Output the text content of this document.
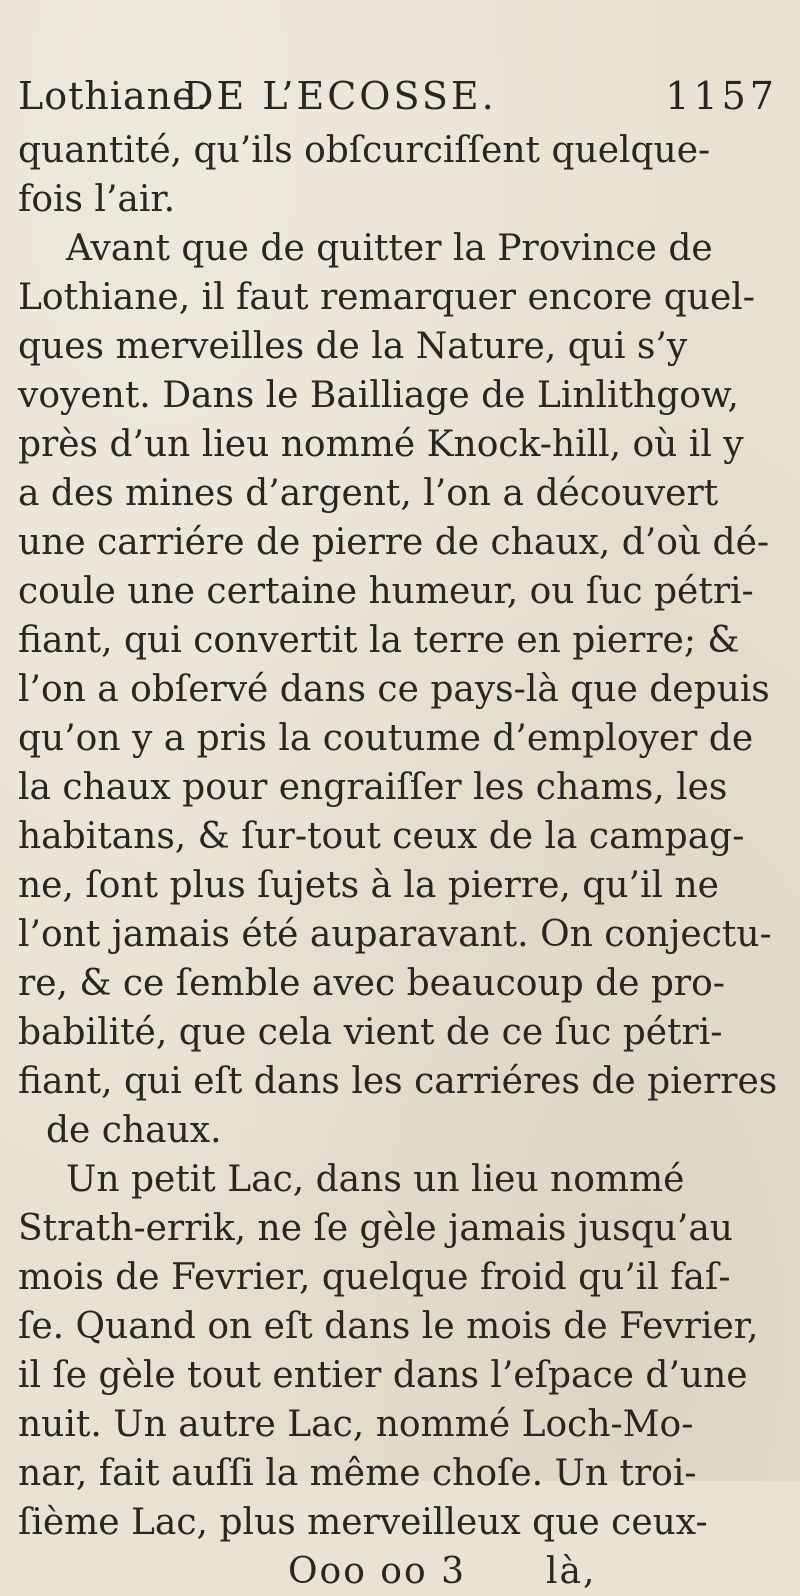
Lothiane.
DE L’ECOSSE.	1157
quantité, qu’ils obſcurciſſent quelque-
fois l’air.
Avant que de quitter la Province de
Lothiane, il faut remarquer encore quel-
ques merveilles de la Nature, qui s’y
voyent. Dans le Bailliage de Linlithgow,
près d’un lieu nommé Knock-hill, où il y
a des mines d’argent, l’on a découvert
une carriére de pierre de chaux, d’où dé-
coule une certaine humeur, ou ſuc pétri-
fiant, qui convertit la terre en pierre; &
l’on a obſervé dans ce pays-là que depuis
qu’on y a pris la coutume d’employer de
la chaux pour engraiſſer les chams, les
habitans, & ſur-tout ceux de la campag-
ne, ſont plus ſujets à la pierre, qu’il ne
l’ont jamais été auparavant. On conjectu-
re, & ce ſemble avec beaucoup de pro-
babilité, que cela vient de ce ſuc pétri-
fiant, qui eſt dans les carriéres de pierres
de chaux.
Un petit Lac, dans un lieu nommé
Strath-errik, ne ſe gèle jamais jusqu’au
mois de Fevrier, quelque froid qu’il faſ-
ſe. Quand on eſt dans le mois de Fevrier,
il ſe gèle tout entier dans l’eſpace d’une
nuit. Un autre Lac, nommé Loch-Mo-
nar, fait auſſi la même choſe. Un troi-
ſième Lac, plus merveilleux que ceux-
Ooo oo 3 là,
